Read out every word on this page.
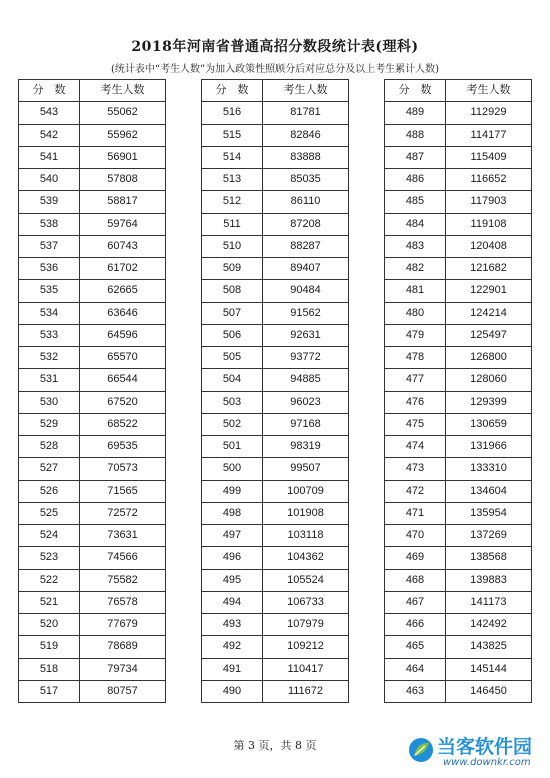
2018年河南省普通高招分数段统计表(理科)
(统计表中“考生人数”为加入政策性照顾分后对应总分及以上考生累计人数)
分　数	考生人数
543	55062
542	55962
541	56901
540	57808
539	58817
538	59764
537	60743
536	61702
535	62665
534	63646
533	64596
532	65570
531	66544
530	67520
529	68522
528	69535
527	70573
526	71565
525	72572
524	73631
523	74566
522	75582
521	76578
520	77679
519	78689
518	79734
517	80757
分　数	考生人数
516	81781
515	82846
514	83888
513	85035
512	86110
511	87208
510	88287
509	89407
508	90484
507	91562
506	92631
505	93772
504	94885
503	96023
502	97168
501	98319
500	99507
499	100709
498	101908
497	103118
496	104362
495	105524
494	106733
493	107979
492	109212
491	110417
490	111672
分　数	考生人数
489	112929
488	114177
487	115409
486	116652
485	117903
484	119108
483	120408
482	121682
481	122901
480	124214
479	125497
478	126800
477	128060
476	129399
475	130659
474	131966
473	133310
472	134604
471	135954
470	137269
469	138568
468	139883
467	141173
466	142492
465	143825
464	145144
463	146450
第 3 页，共 8 页	当客软件园
www.downkr.com
